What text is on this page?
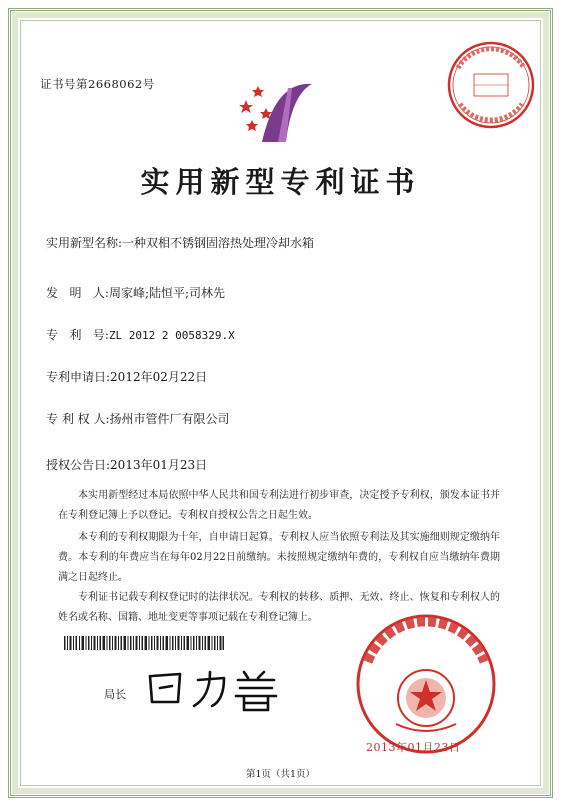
证书号第2668062号
实用新型专利证书
实用新型名称:一种双相不锈钢固溶热处理冷却水箱
发   明   人:周家峰;陆恒平;司林先
专   利   号:ZL 2012 2 0058329.X
专利申请日:2012年02月22日
专 利 权 人:扬州市管件厂有限公司
授权公告日:2013年01月23日
本实用新型经过本局依照中华人民共和国专利法进行初步审查，决定授予专利权，颁发本证书并在专利登记簿上予以登记。专利权自授权公告之日起生效。
本专利的专利权期限为十年，自申请日起算。专利权人应当依照专利法及其实施细则规定缴纳年费。本专利的年费应当在每年02月22日前缴纳。未按照规定缴纳年费的，专利权自应当缴纳年费期满之日起终止。
专利证书记载专利权登记时的法律状况。专利权的转移、质押、无效、终止、恢复和专利权人的姓名或名称、国籍、地址变更等事项记载在专利登记簿上。
局长
2013年01月23日
第1页（共1页）
